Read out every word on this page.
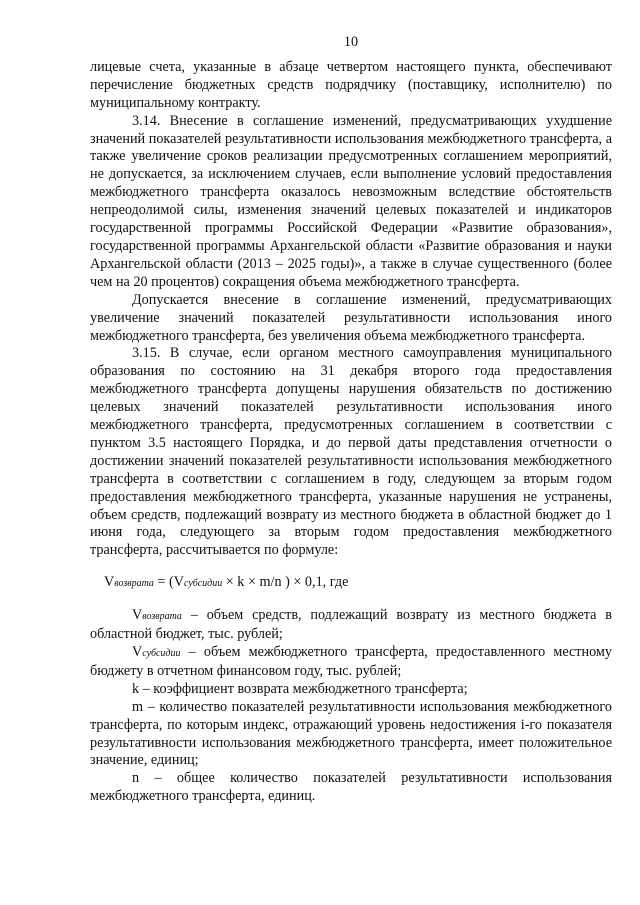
10

лицевые счета, указанные в абзаце четвертом настоящего пункта, обеспечивают перечисление бюджетных средств подрядчику (поставщику, исполнителю) по муниципальному контракту.

3.14. Внесение в соглашение изменений, предусматривающих ухудшение значений показателей результативности использования межбюджетного трансферта, а также увеличение сроков реализации предусмотренных соглашением мероприятий, не допускается, за исключением случаев, если выполнение условий предоставления межбюджетного трансферта оказалось невозможным вследствие обстоятельств непреодолимой силы, изменения значений целевых показателей и индикаторов государственной программы Российской Федерации «Развитие образования», государственной программы Архангельской области «Развитие образования и науки Архангельской области (2013 – 2025 годы)», а также в случае существенного (более чем на 20 процентов) сокращения объема межбюджетного трансферта.

Допускается внесение в соглашение изменений, предусматривающих увеличение значений показателей результативности использования иного межбюджетного трансферта, без увеличения объема межбюджетного трансферта.

3.15. В случае, если органом местного самоуправления муниципального образования по состоянию на 31 декабря второго года предоставления межбюджетного трансферта допущены нарушения обязательств по достижению целевых значений показателей результативности использования иного межбюджетного трансферта, предусмотренных соглашением в соответствии с пунктом 3.5 настоящего Порядка, и до первой даты представления отчетности о достижении значений показателей результативности использования межбюджетного трансферта в соответствии с соглашением в году, следующем за вторым годом предоставления межбюджетного трансферта, указанные нарушения не устранены, объем средств, подлежащий возврату из местного бюджета в областной бюджет до 1 июня года, следующего за вторым годом предоставления межбюджетного трансферта, рассчитывается по формуле:

Vвозврата = (Vсубсидии × k × m/n ) × 0,1, где

Vвозврата – объем средств, подлежащий возврату из местного бюджета в областной бюджет, тыс. рублей;

Vсубсидии – объем межбюджетного трансферта, предоставленного местному бюджету в отчетном финансовом году, тыс. рублей;

k – коэффициент возврата межбюджетного трансферта;

m – количество показателей результативности использования межбюджетного трансферта, по которым индекс, отражающий уровень недостижения i-го показателя результативности использования межбюджетного трансферта, имеет положительное значение, единиц;

n – общее количество показателей результативности использования межбюджетного трансферта, единиц.
